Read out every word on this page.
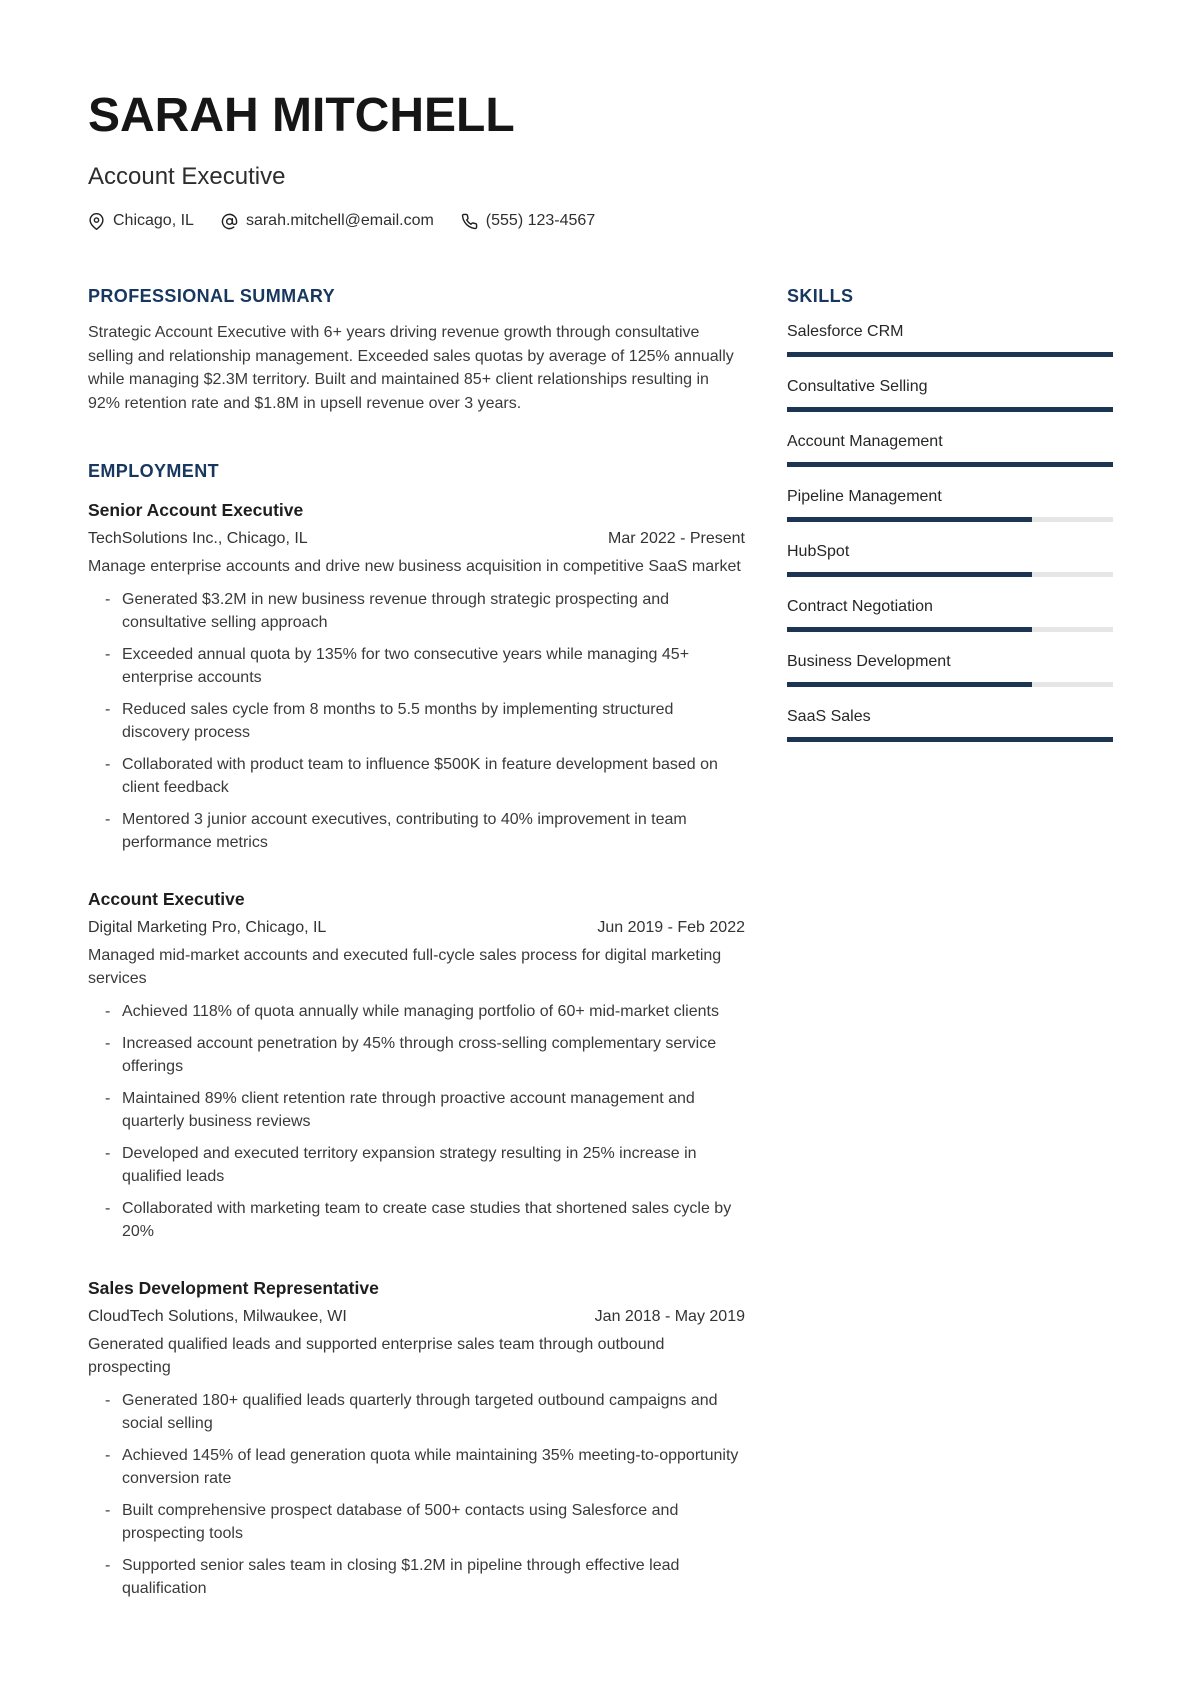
SARAH MITCHELL
Account Executive
Chicago, IL	sarah.mitchell@email.com	(555) 123-4567
PROFESSIONAL SUMMARY

Strategic Account Executive with 6+ years driving revenue growth through consultative selling and relationship management. Exceeded sales quotas by average of 125% annually while managing $2.3M territory. Built and maintained 85+ client relationships resulting in 92% retention rate and $1.8M in upsell revenue over 3 years.

EMPLOYMENT
Senior Account Executive
TechSolutions Inc., Chicago, IL	Mar 2022 - Present

Manage enterprise accounts and drive new business acquisition in competitive SaaS market

- Generated $3.2M in new business revenue through strategic prospecting and consultative selling approach
- Exceeded annual quota by 135% for two consecutive years while managing 45+ enterprise accounts
- Reduced sales cycle from 8 months to 5.5 months by implementing structured discovery process
- Collaborated with product team to influence $500K in feature development based on client feedback
- Mentored 3 junior account executives, contributing to 40% improvement in team performance metrics
Account Executive
Digital Marketing Pro, Chicago, IL	Jun 2019 - Feb 2022

Managed mid-market accounts and executed full-cycle sales process for digital marketing services

- Achieved 118% of quota annually while managing portfolio of 60+ mid-market clients
- Increased account penetration by 45% through cross-selling complementary service offerings
- Maintained 89% client retention rate through proactive account management and quarterly business reviews
- Developed and executed territory expansion strategy resulting in 25% increase in qualified leads
- Collaborated with marketing team to create case studies that shortened sales cycle by 20%
Sales Development Representative
CloudTech Solutions, Milwaukee, WI	Jan 2018 - May 2019

Generated qualified leads and supported enterprise sales team through outbound prospecting

- Generated 180+ qualified leads quarterly through targeted outbound campaigns and social selling
- Achieved 145% of lead generation quota while maintaining 35% meeting-to-opportunity conversion rate
- Built comprehensive prospect database of 500+ contacts using Salesforce and prospecting tools
- Supported senior sales team in closing $1.2M in pipeline through effective lead qualification
SKILLS
Salesforce CRM
Consultative Selling
Account Management
Pipeline Management
HubSpot
Contract Negotiation
Business Development
SaaS Sales
